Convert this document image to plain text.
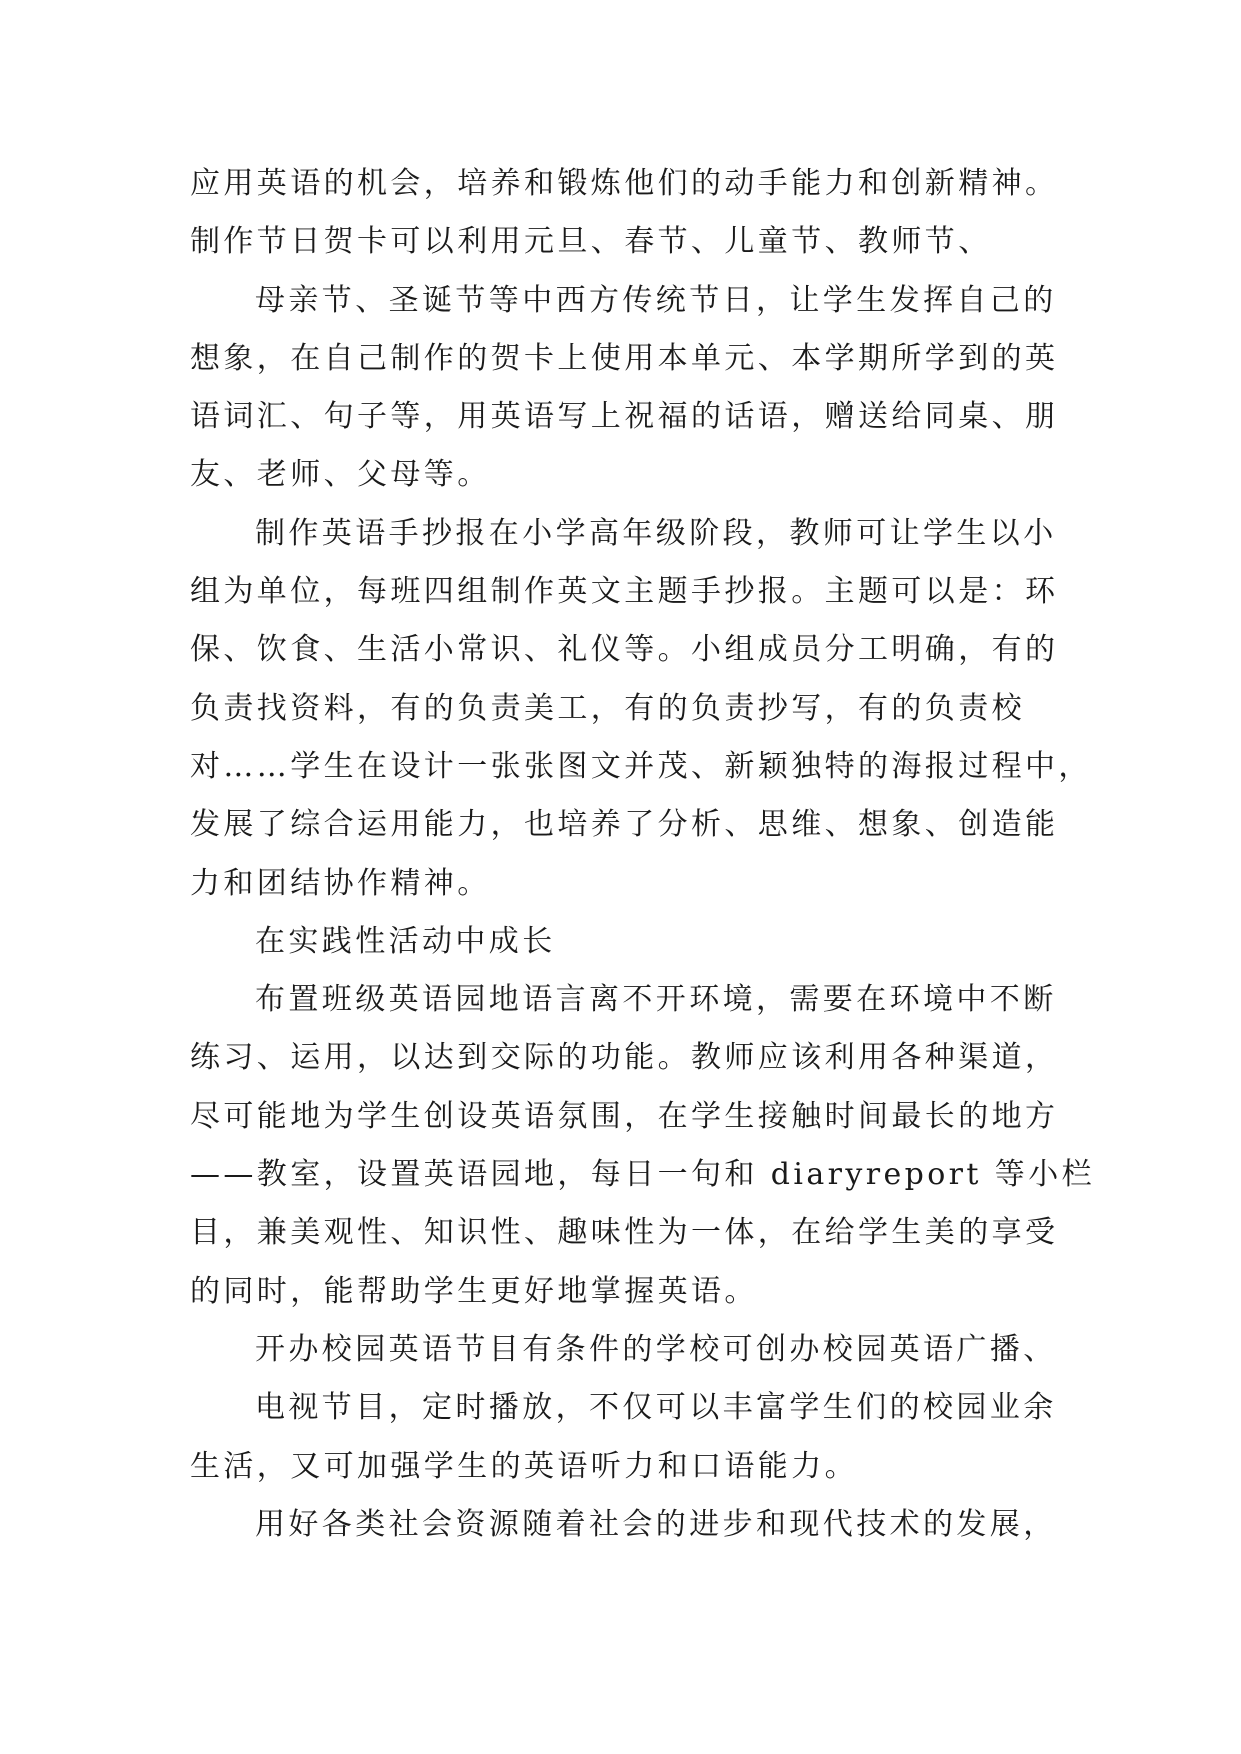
应用英语的机会，培养和锻炼他们的动手能力和创新精神。
制作节日贺卡可以利用元旦、春节、儿童节、教师节、
母亲节、圣诞节等中西方传统节日，让学生发挥自己的
想象，在自己制作的贺卡上使用本单元、本学期所学到的英
语词汇、句子等，用英语写上祝福的话语，赠送给同桌、朋
友、老师、父母等。
制作英语手抄报在小学高年级阶段，教师可让学生以小
组为单位，每班四组制作英文主题手抄报。主题可以是：环
保、饮食、生活小常识、礼仪等。小组成员分工明确，有的
负责找资料，有的负责美工，有的负责抄写，有的负责校
对……学生在设计一张张图文并茂、新颖独特的海报过程中，
发展了综合运用能力，也培养了分析、思维、想象、创造能
力和团结协作精神。
在实践性活动中成长
布置班级英语园地语言离不开环境，需要在环境中不断
练习、运用，以达到交际的功能。教师应该利用各种渠道，
尽可能地为学生创设英语氛围，在学生接触时间最长的地方
——教室，设置英语园地，每日一句和 diaryreport 等小栏
目，兼美观性、知识性、趣味性为一体，在给学生美的享受
的同时，能帮助学生更好地掌握英语。
开办校园英语节目有条件的学校可创办校园英语广播、
电视节目，定时播放，不仅可以丰富学生们的校园业余
生活，又可加强学生的英语听力和口语能力。
用好各类社会资源随着社会的进步和现代技术的发展，
